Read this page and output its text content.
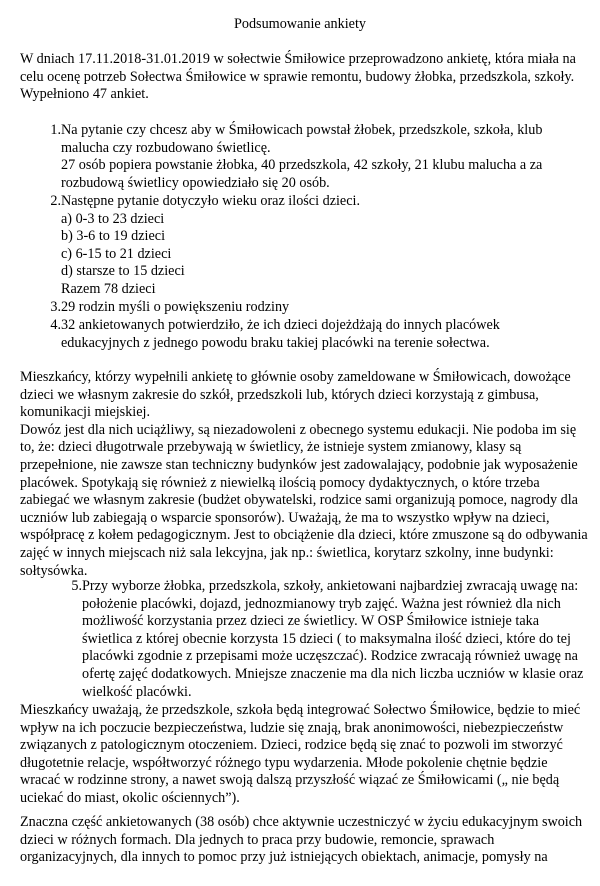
Podsumowanie ankiety

W dniach 17.11.2018-31.01.2019 w sołectwie Śmiłowice przeprowadzono ankietę, która miała na
celu ocenę potrzeb Sołectwa Śmiłowice w sprawie remontu, budowy żłobka, przedszkola, szkoły.
Wypełniono 47 ankiet.

1. Na pytanie czy chcesz aby w Śmiłowicach powstał żłobek, przedszkole, szkoła, klub
malucha czy rozbudowano świetlicę.
27 osób popiera powstanie żłobka, 40 przedszkola, 42 szkoły, 21 klubu malucha a za
rozbudową świetlicy opowiedziało się 20 osób.
2. Następne pytanie dotyczyło wieku oraz ilości dzieci.
a) 0-3 to 23 dzieci
b) 3-6 to 19 dzieci
c) 6-15 to 21 dzieci
d) starsze to 15 dzieci
Razem 78 dzieci
3. 29 rodzin myśli o powiększeniu rodziny
4. 32 ankietowanych potwierdziło, że ich dzieci dojeżdżają do innych placówek
edukacyjnych z jednego powodu braku takiej placówki na terenie sołectwa.

Mieszkańcy, którzy wypełnili ankietę to głównie osoby zameldowane w Śmiłowicach, dowożące
dzieci we własnym zakresie do szkół, przedszkoli lub, których dzieci korzystają z gimbusa,
komunikacji miejskiej.
Dowóz jest dla nich uciążliwy, są niezadowoleni z obecnego systemu edukacji. Nie podoba im się
to, że: dzieci długotrwale przebywają w świetlicy, że istnieje system zmianowy, klasy są
przepełnione, nie zawsze stan techniczny budynków jest zadowalający, podobnie jak wyposażenie
placówek. Spotykają się również z niewielką ilością pomocy dydaktycznych, o które trzeba
zabiegać we własnym zakresie (budżet obywatelski, rodzice sami organizują pomoce, nagrody dla
uczniów lub zabiegają o wsparcie sponsorów). Uważają, że ma to wszystko wpływ na dzieci,
współpracę z kołem pedagogicznym. Jest to obciążenie dla dzieci, które zmuszone są do odbywania
zajęć w innych miejscach niż sala lekcyjna, jak np.: świetlica, korytarz szkolny, inne budynki:
sołtysówka.

5. Przy wyborze żłobka, przedszkola, szkoły, ankietowani najbardziej zwracają uwagę na:
położenie placówki, dojazd, jednozmianowy tryb zajęć. Ważna jest również dla nich
możliwość korzystania przez dzieci ze świetlicy. W OSP Śmiłowice istnieje taka
świetlica z której obecnie korzysta 15 dzieci ( to maksymalna ilość dzieci, które do tej
placówki zgodnie z przepisami może uczęszczać). Rodzice zwracają również uwagę na
ofertę zajęć dodatkowych. Mniejsze znaczenie ma dla nich liczba uczniów w klasie oraz
wielkość placówki.

Mieszkańcy uważają, że przedszkole, szkoła będą integrować Sołectwo Śmiłowice, będzie to mieć
wpływ na ich poczucie bezpieczeństwa, ludzie się znają, brak anonimowości, niebezpieczeństw
związanych z patologicznym otoczeniem. Dzieci, rodzice będą się znać to pozwoli im stworzyć
długotetnie relacje, współtworzyć różnego typu wydarzenia. Młode pokolenie chętnie będzie
wracać w rodzinne strony, a nawet swoją dalszą przyszłość wiązać ze Śmiłowicami („ nie będą
uciekać do miast, okolic ościennych”).

Znaczna część ankietowanych (38 osób) chce aktywnie uczestniczyć w życiu edukacyjnym swoich
dzieci w różnych formach. Dla jednych to praca przy budowie, remoncie, sprawach
organizacyjnych, dla innych to pomoc przy już istniejących obiektach, animacje, pomysły na
